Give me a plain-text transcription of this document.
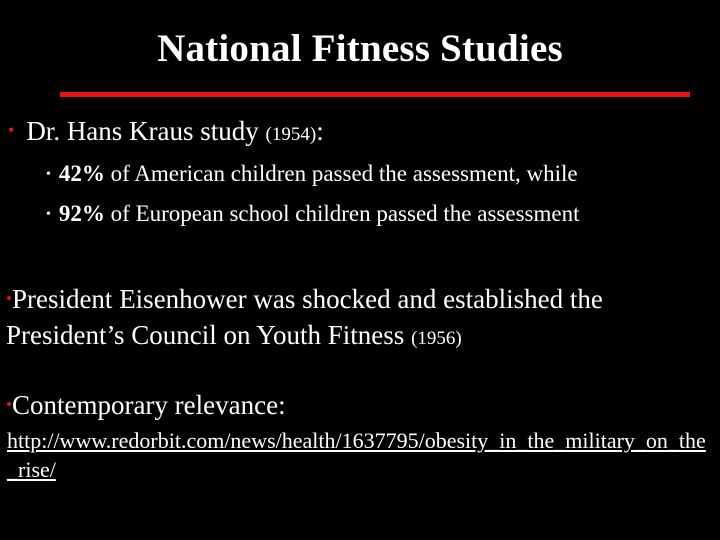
National Fitness Studies
• Dr. Hans Kraus study (1954):
• 42% of American children passed the assessment, while
• 92% of European school children passed the assessment
•President Eisenhower was shocked and established the President’s Council on Youth Fitness (1956)
•Contemporary relevance:
http://www.redorbit.com/news/health/1637795/obesity_in_the_military_on_the_rise/
